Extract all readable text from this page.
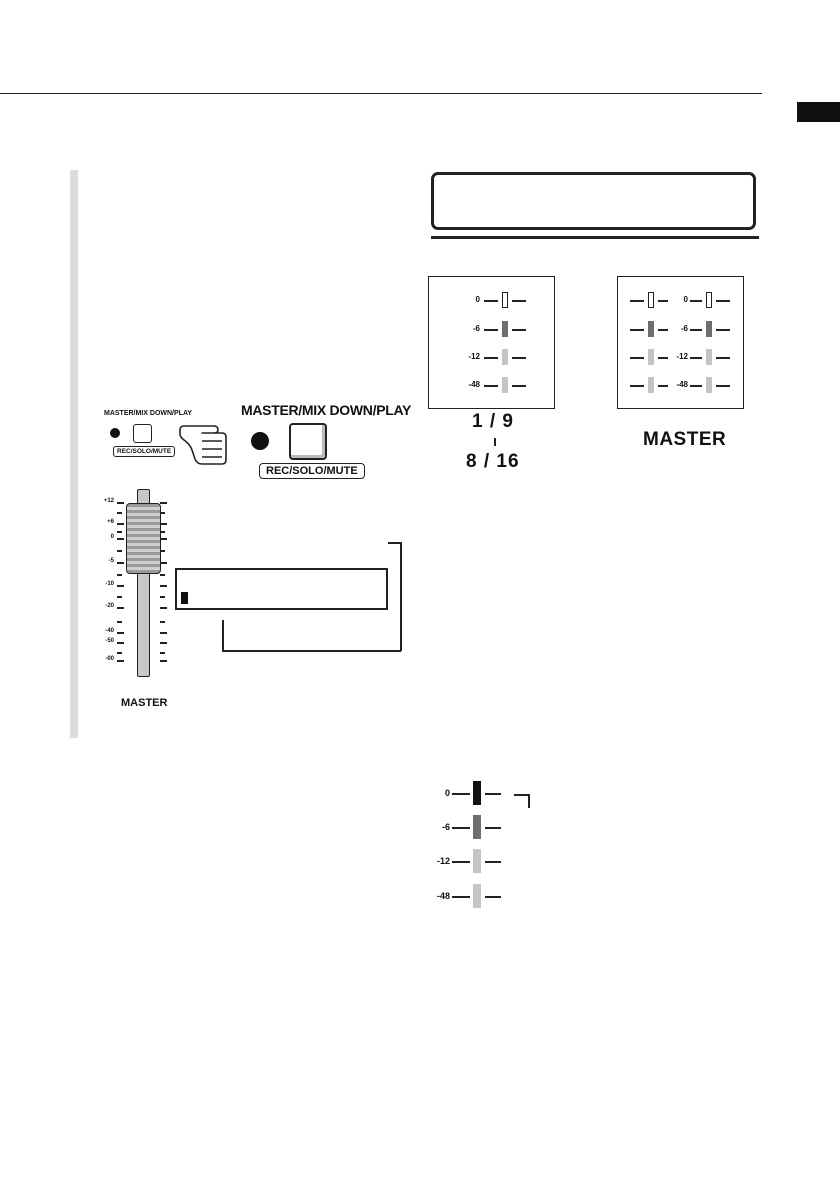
1 / 9
8 / 16
MASTER
MASTER/MIX DOWN/PLAY
REC/SOLO/MUTE
MASTER/MIX DOWN/PLAY
REC/SOLO/MUTE
MASTER
0
-6
-12
-48
0
-6
-12
-48
+12
+6
0
-5
-10
-20
-40
-50
-00
0
-6
-12
-48
